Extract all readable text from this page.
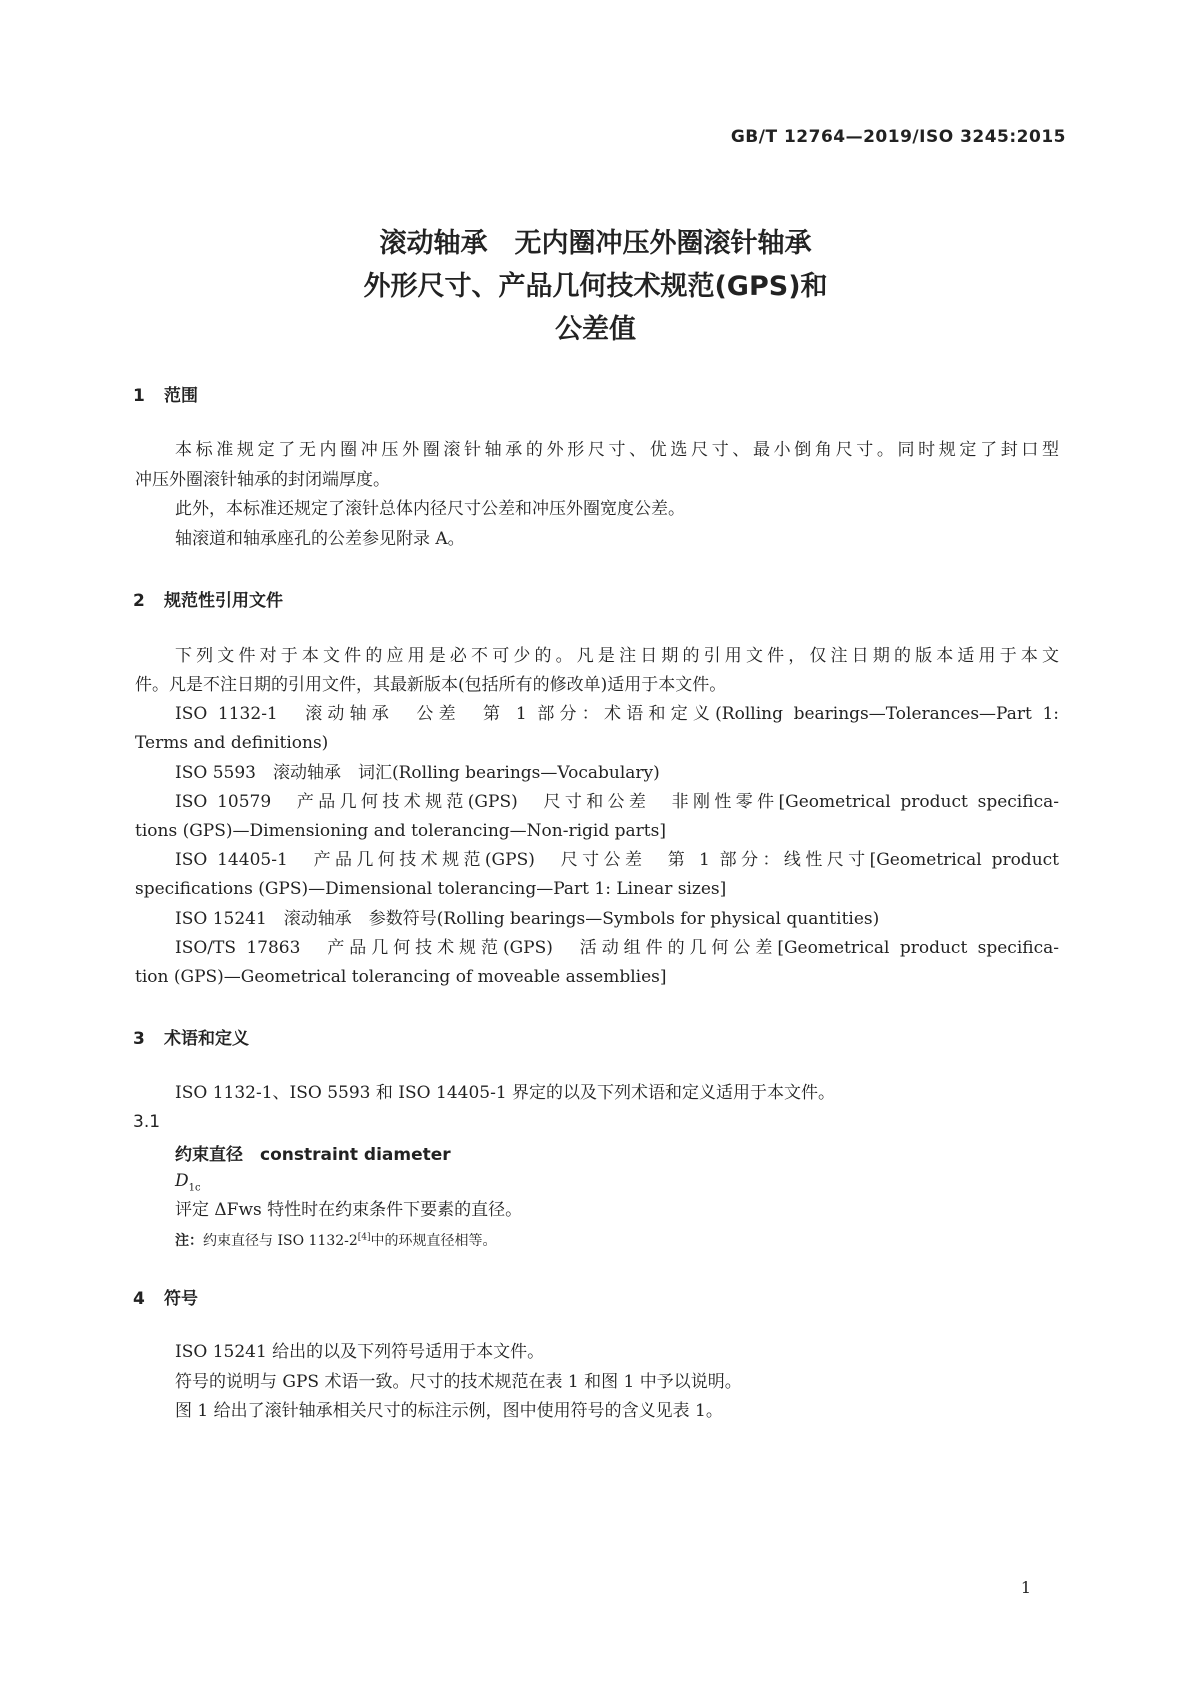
GB/T 12764—2019/ISO 3245:2015
滚动轴承　无内圈冲压外圈滚针轴承
外形尺寸、产品几何技术规范(GPS)和
公差值
1 范围
本标准规定了无内圈冲压外圈滚针轴承的外形尺寸、优选尺寸、最小倒角尺寸。同时规定了封口型
冲压外圈滚针轴承的封闭端厚度。
此外，本标准还规定了滚针总体内径尺寸公差和冲压外圈宽度公差。
轴滚道和轴承座孔的公差参见附录 A。
2 规范性引用文件
下列文件对于本文件的应用是必不可少的。凡是注日期的引用文件，仅注日期的版本适用于本文
件。凡是不注日期的引用文件，其最新版本(包括所有的修改单)适用于本文件。
ISO 1132-1　滚动轴承　公差　第 1 部分：术语和定义(Rolling bearings—Tolerances—Part 1:
Terms and definitions)
ISO 5593　滚动轴承　词汇(Rolling bearings—Vocabulary)
ISO 10579　产品几何技术规范(GPS)　尺寸和公差　非刚性零件[Geometrical product specifica-
tions (GPS)—Dimensioning and tolerancing—Non-rigid parts]
ISO 14405-1　产品几何技术规范(GPS)　尺寸公差　第 1 部分：线性尺寸[Geometrical product
specifications (GPS)—Dimensional tolerancing—Part 1: Linear sizes]
ISO 15241　滚动轴承　参数符号(Rolling bearings—Symbols for physical quantities)
ISO/TS 17863　产品几何技术规范(GPS)　活动组件的几何公差[Geometrical product specifica-
tion (GPS)—Geometrical tolerancing of moveable assemblies]
3 术语和定义
ISO 1132-1、ISO 5593 和 ISO 14405-1 界定的以及下列术语和定义适用于本文件。
3.1
约束直径　 constraint diameter
$D_{1c}$
评定 ΔFws 特性时在约束条件下要素的直径。
注：约束直径与 ISO 1132-2[4]中的环规直径相等。
4 符号
ISO 15241 给出的以及下列符号适用于本文件。
符号的说明与 GPS 术语一致。尺寸的技术规范在表 1 和图 1 中予以说明。
图 1 给出了滚针轴承相关尺寸的标注示例，图中使用符号的含义见表 1。
1
